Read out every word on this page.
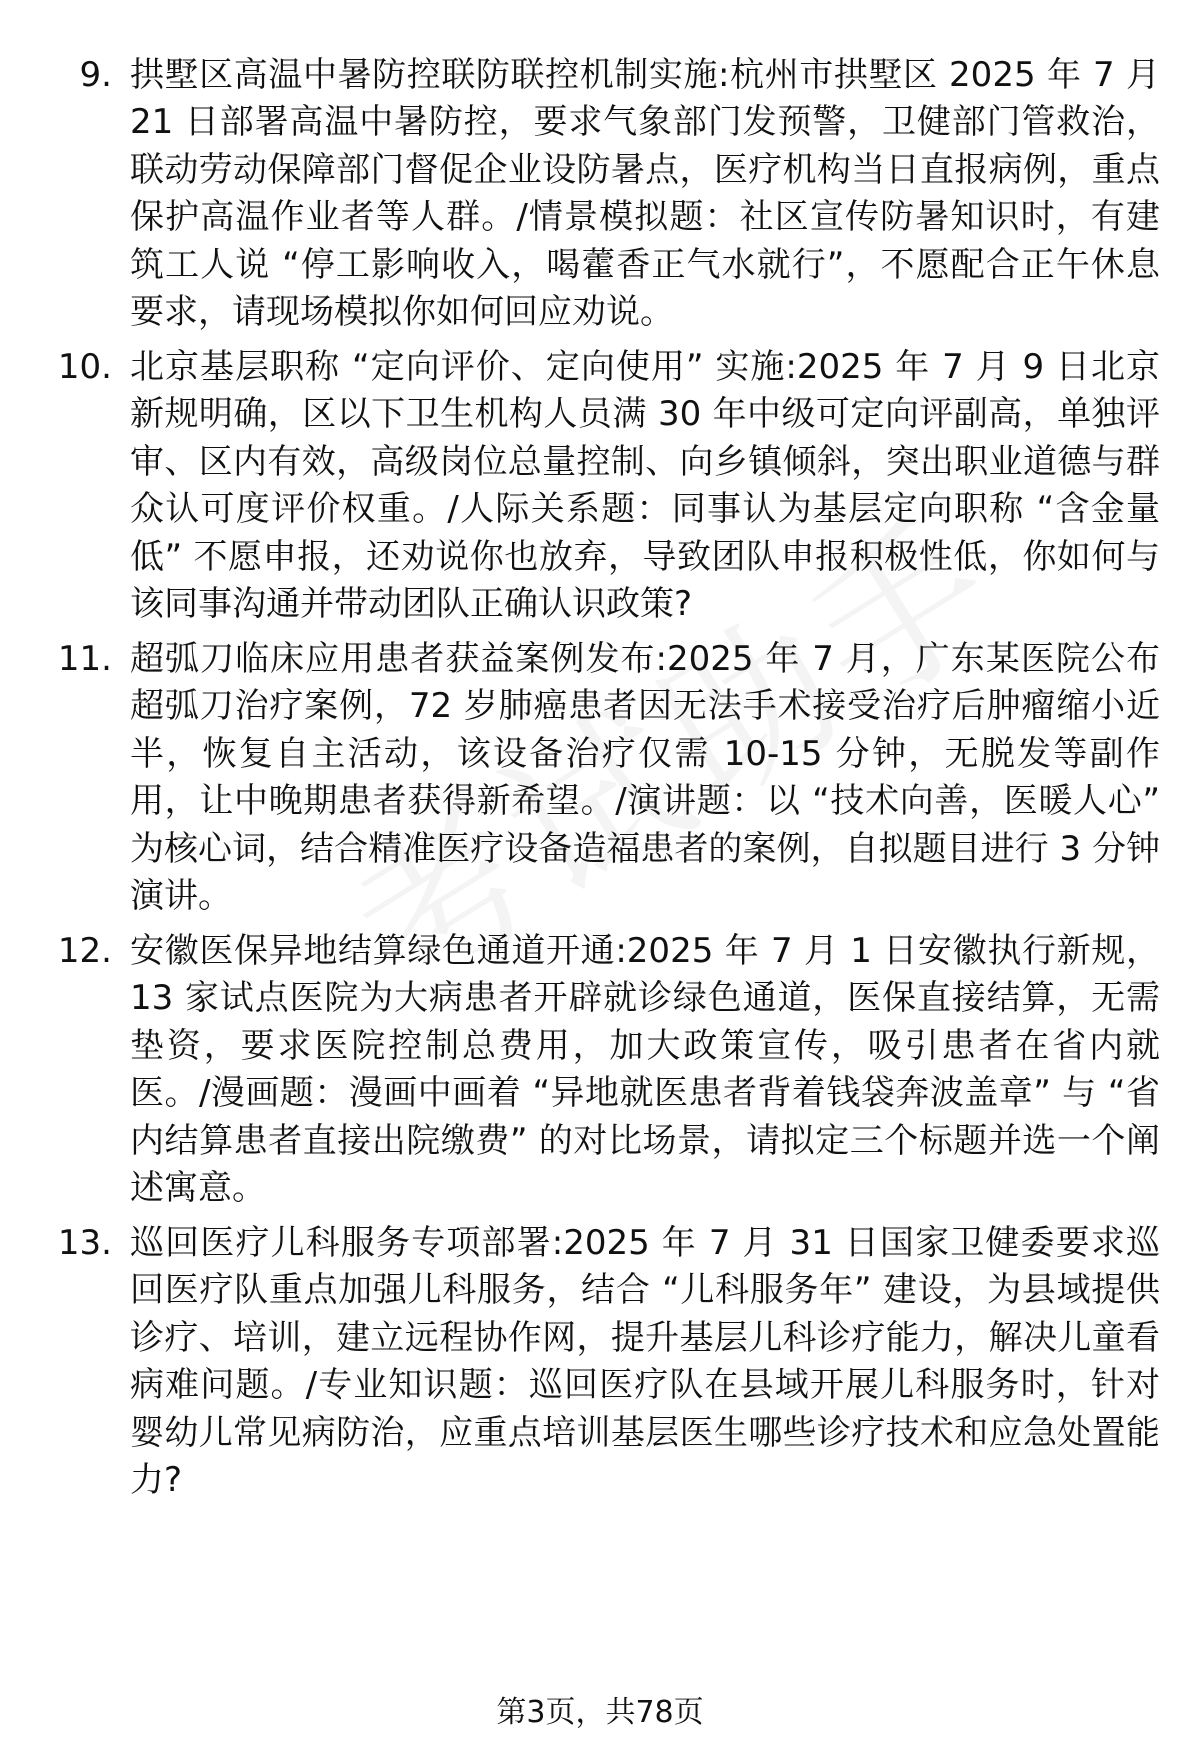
9. 拱墅区高温中暑防控联防联控机制实施:杭州市拱墅区 2025 年 7 月 21 日部署高温中暑防控，要求气象部门发预警，卫健部门管救治，联动劳动保障部门督促企业设防暑点，医疗机构当日直报病例，重点保护高温作业者等人群。/情景模拟题：社区宣传防暑知识时，有建筑工人说 “停工影响收入，喝藿香正气水就行”，不愿配合正午休息要求，请现场模拟你如何回应劝说。
10. 北京基层职称 “定向评价、定向使用” 实施:2025 年 7 月 9 日北京新规明确，区以下卫生机构人员满 30 年中级可定向评副高，单独评审、区内有效，高级岗位总量控制、向乡镇倾斜，突出职业道德与群众认可度评价权重。/人际关系题：同事认为基层定向职称 “含金量低” 不愿申报，还劝说你也放弃，导致团队申报积极性低，你如何与该同事沟通并带动团队正确认识政策?
11. 超弧刀临床应用患者获益案例发布:2025 年 7 月，广东某医院公布超弧刀治疗案例，72 岁肺癌患者因无法手术接受治疗后肿瘤缩小近半，恢复自主活动，该设备治疗仅需 10-15 分钟，无脱发等副作用，让中晚期患者获得新希望。/演讲题：以 “技术向善，医暖人心” 为核心词，结合精准医疗设备造福患者的案例，自拟题目进行 3 分钟演讲。
12. 安徽医保异地结算绿色通道开通:2025 年 7 月 1 日安徽执行新规，13 家试点医院为大病患者开辟就诊绿色通道，医保直接结算，无需垫资，要求医院控制总费用，加大政策宣传，吸引患者在省内就医。/漫画题：漫画中画着 “异地就医患者背着钱袋奔波盖章” 与 “省内结算患者直接出院缴费” 的对比场景，请拟定三个标题并选一个阐述寓意。
13. 巡回医疗儿科服务专项部署:2025 年 7 月 31 日国家卫健委要求巡回医疗队重点加强儿科服务，结合 “儿科服务年” 建设，为县域提供诊疗、培训，建立远程协作网，提升基层儿科诊疗能力，解决儿童看病难问题。/专业知识题：巡回医疗队在县域开展儿科服务时，针对婴幼儿常见病防治，应重点培训基层医生哪些诊疗技术和应急处置能力?
第3页，共78页
